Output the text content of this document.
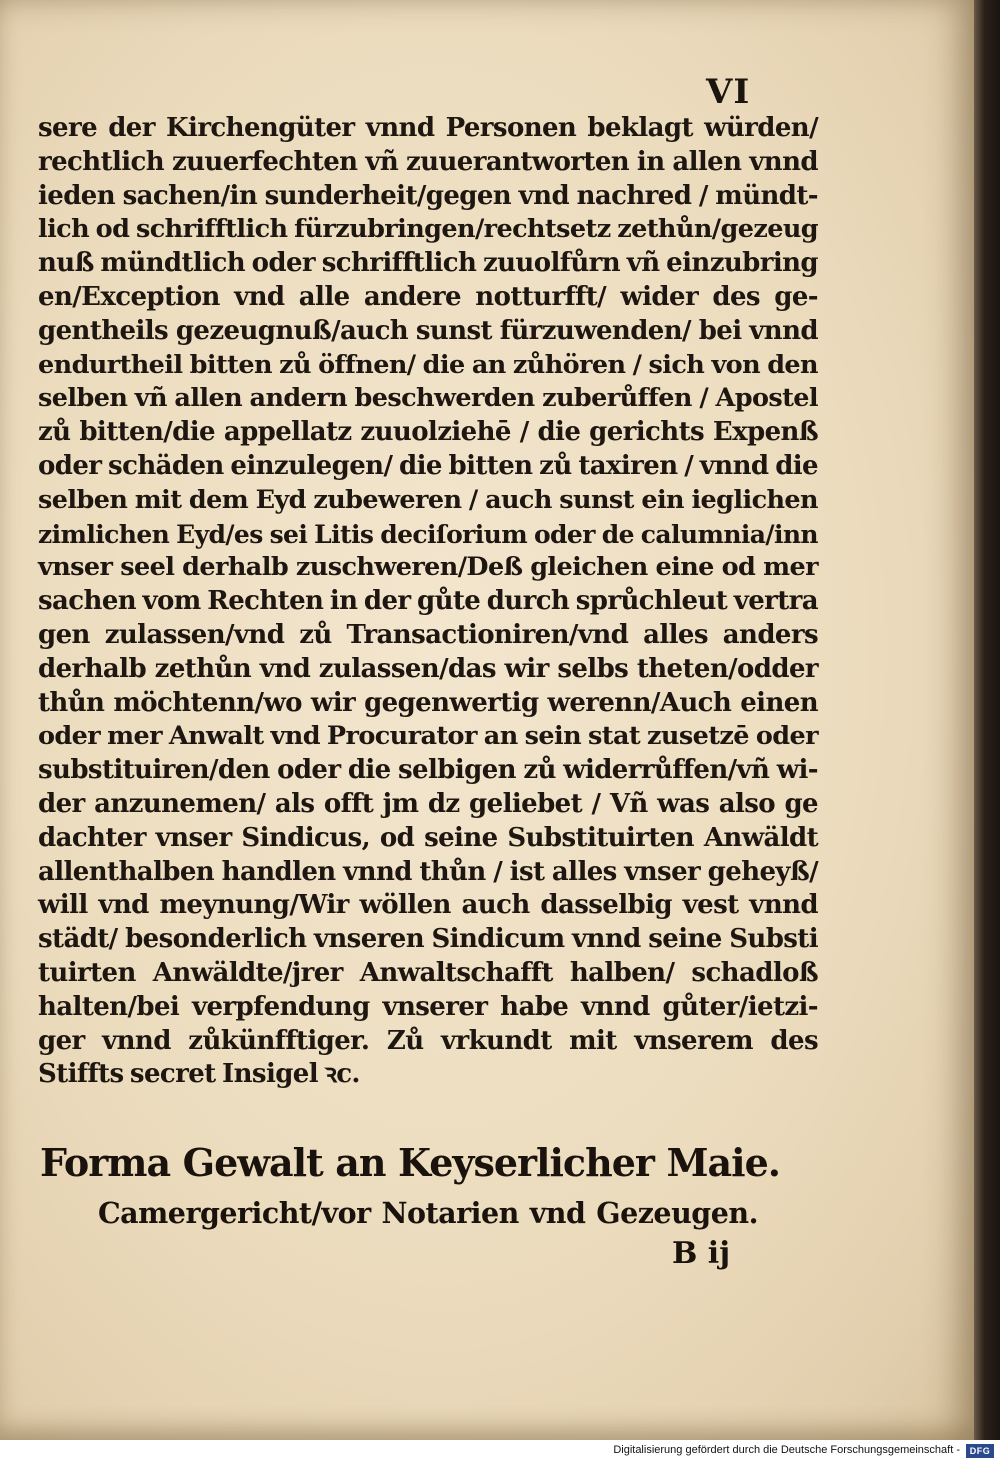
VI
sere der Kirchengüter vnnd Personen beklagt würden/
rechtlich zuuerfechten vñ zuuerantworten in allen vnnd
ieden sachen/in sunderheit/gegen vnd nachred / mündt-
lich od schrifftlich fürzubringen/rechtsetz zethůn/gezeug
nuß mündtlich oder schrifftlich zuuolfůrn vñ einzubring
en/Exception vnd alle andere notturfft/ wider des ge-
gentheils gezeugnuß/auch sunst fürzuwenden/ bei vnnd
endurtheil bitten zů öffnen/ die an zůhören / sich von den
selben vñ allen andern beschwerden zuberůffen / Apostel
zů bitten/die appellatz zuuolziehē / die gerichts Expenß
oder schäden einzulegen/ die bitten zů taxiren / vnnd die
selben mit dem Eyd zubeweren / auch sunst ein ieglichen
zimlichen Eyd/es sei Litis deciſorium oder de calumnia/inn
vnser seel derhalb zuschweren/Deß gleichen eine od mer
sachen vom Rechten in der gůte durch sprůchleut vertra
gen zulassen/vnd zů Transactioniren/vnd alles anders
derhalb zethůn vnd zulassen/das wir selbs theten/odder
thůn möchtenn/wo wir gegenwertig werenn/Auch einen
oder mer Anwalt vnd Procurator an sein stat zusetzē oder
substituiren/den oder die selbigen zů widerrůffen/vñ wi-
der anzunemen/ als offt jm dz geliebet / Vñ was also ge
dachter vnser Sindicus, od seine Substituirten Anwäldt
allenthalben handlen vnnd thůn / ist alles vnser geheyß/
will vnd meynung/Wir wöllen auch dasselbig vest vnnd
städt/ besonderlich vnseren Sindicum vnnd seine Substi
tuirten Anwäldte/jrer Anwaltschafft halben/ schadloß
halten/bei verpfendung vnserer habe vnnd gůter/ietzi-
ger vnnd zůkünfftiger. Zů vrkundt mit vnserem des
Stiffts secret Insigel ꝛc.
Forma Gewalt an Keyserlicher Maie.
Camergericht/vor Notarien vnd Gezeugen.
B ij
Digitalisierung gefördert durch die Deutsche Forschungsgemeinschaft -	DFG
